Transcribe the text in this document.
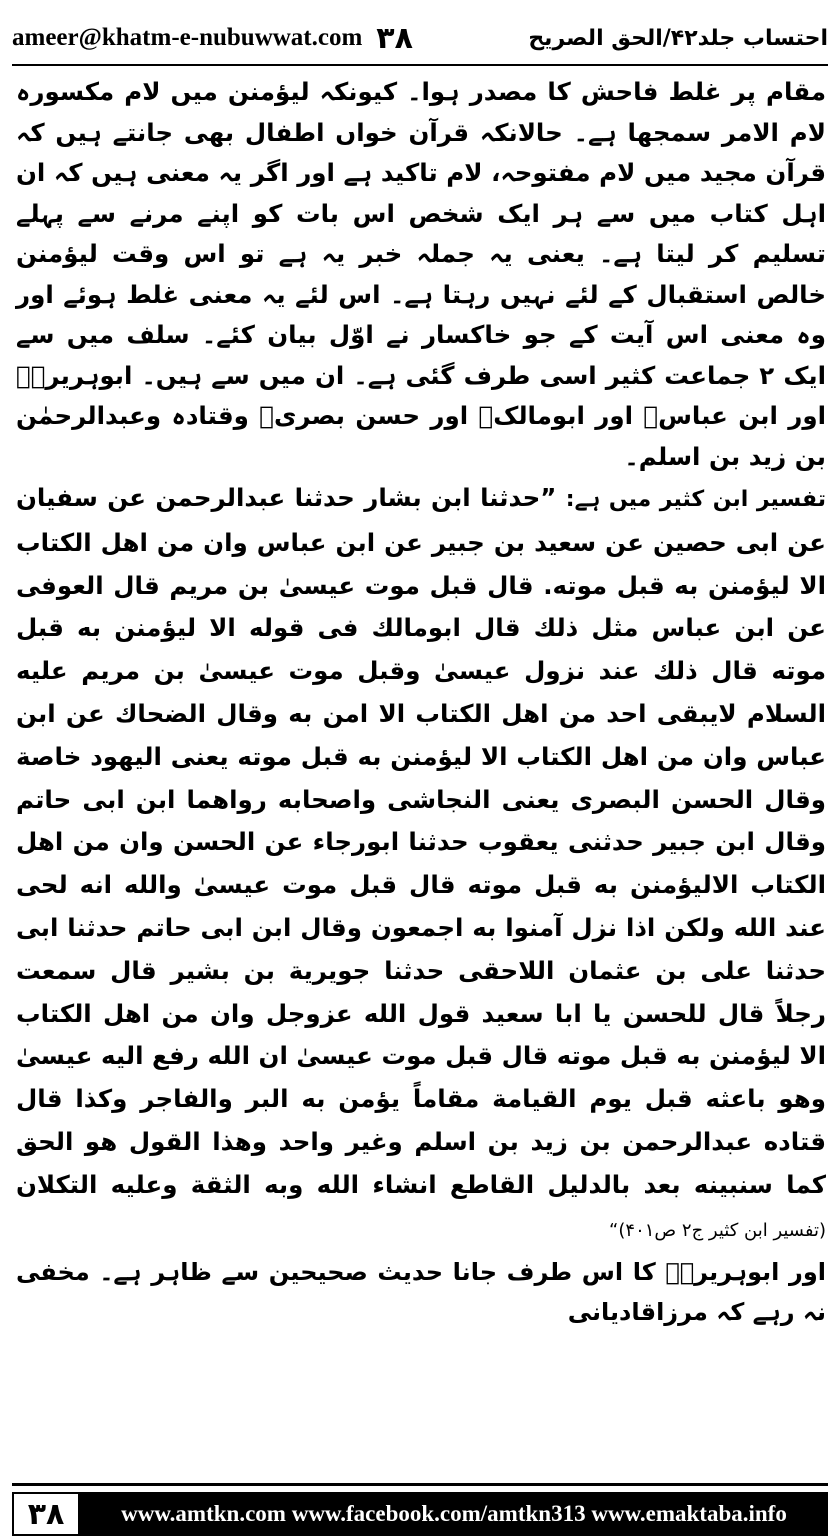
ameer@khatm-e-nubuwwat.com ۳۸	احتساب جلد۴۲/الحق الصریح

مقام پر غلط فاحش کا مصدر ہوا۔ کیونکہ لیؤمنن میں لام مکسورہ لام الامر سمجھا ہے۔ حالانکہ قرآن خواں اطفال بھی جانتے ہیں کہ قرآن مجید میں لام مفتوحہ، لام تاکید ہے اور اگر یہ معنی ہیں کہ ان اہل کتاب میں سے ہر ایک شخص اس بات کو اپنے مرنے سے پہلے تسلیم کر لیتا ہے۔ یعنی یہ جملہ خبر یہ ہے تو اس وقت لیؤمنن خالص استقبال کے لئے نہیں رہتا ہے۔ اس لئے یہ معنی غلط ہوئے اور وہ معنی اس آیت کے جو خاکسار نے اوّل بیان کئے۔ سلف میں سے ایک ۲ جماعت کثیر اسی طرف گئی ہے۔ ان میں سے ہیں۔ ابوہریرہؓ اور ابن عباسؓ اور ابومالکؒ اور حسن بصریؒ وقتادہ وعبدالرحمٰن بن زید بن اسلم۔

تفسیر ابن کثیر میں ہے: ”حدثنا ابن بشار حدثنا عبدالرحمن عن سفیان عن ابی حصین عن سعید بن جبیر عن ابن عباس وان من اهل الكتاب الا ليؤمنن به قبل موته. قال قبل موت عيسىٰ بن مريم قال العوفى عن ابن عباس مثل ذلك قال ابومالك فى قوله الا ليؤمنن به قبل موته قال ذلك عند نزول عيسىٰ وقبل موت عيسىٰ بن مريم عليه السلام لايبقى احد من اهل الكتاب الا امن به وقال الضحاك عن ابن عباس وان من اهل الكتاب الا ليؤمنن به قبل موته يعنى اليهود خاصة وقال الحسن البصرى يعنى النجاشى واصحابه رواهما ابن ابى حاتم وقال ابن جبير حدثنى يعقوب حدثنا ابورجاء عن الحسن وان من اهل الكتاب الاليؤمنن به قبل موته قال قبل موت عيسىٰ والله انه لحى عند الله ولكن اذا نزل آمنوا به اجمعون وقال ابن ابى حاتم حدثنا ابى حدثنا على بن عثمان اللاحقى حدثنا جويرية بن بشير قال سمعت رجلاً قال للحسن يا ابا سعيد قول الله عزوجل وان من اهل الكتاب الا ليؤمنن به قبل موته قال قبل موت عيسىٰ ان الله رفع اليه عيسىٰ وهو باعثه قبل يوم القيامة مقاماً يؤمن به البر والفاجر وكذا قال قتاده عبدالرحمن بن زيد بن اسلم وغير واحد وهذا القول هو الحق كما سنبينه بعد بالدليل القاطع انشاء الله وبه الثقة وعليه التكلان (تفسیر ابن کثیر ج۲ ص۴۰۱)“

اور ابوہریرہؓ کا اس طرف جانا حدیث صحیحین سے ظاہر ہے۔ مخفی نہ رہے کہ مرزاقادیانی

۳۸	www.amtkn.com www.facebook.com/amtkn313 www.emaktaba.info
